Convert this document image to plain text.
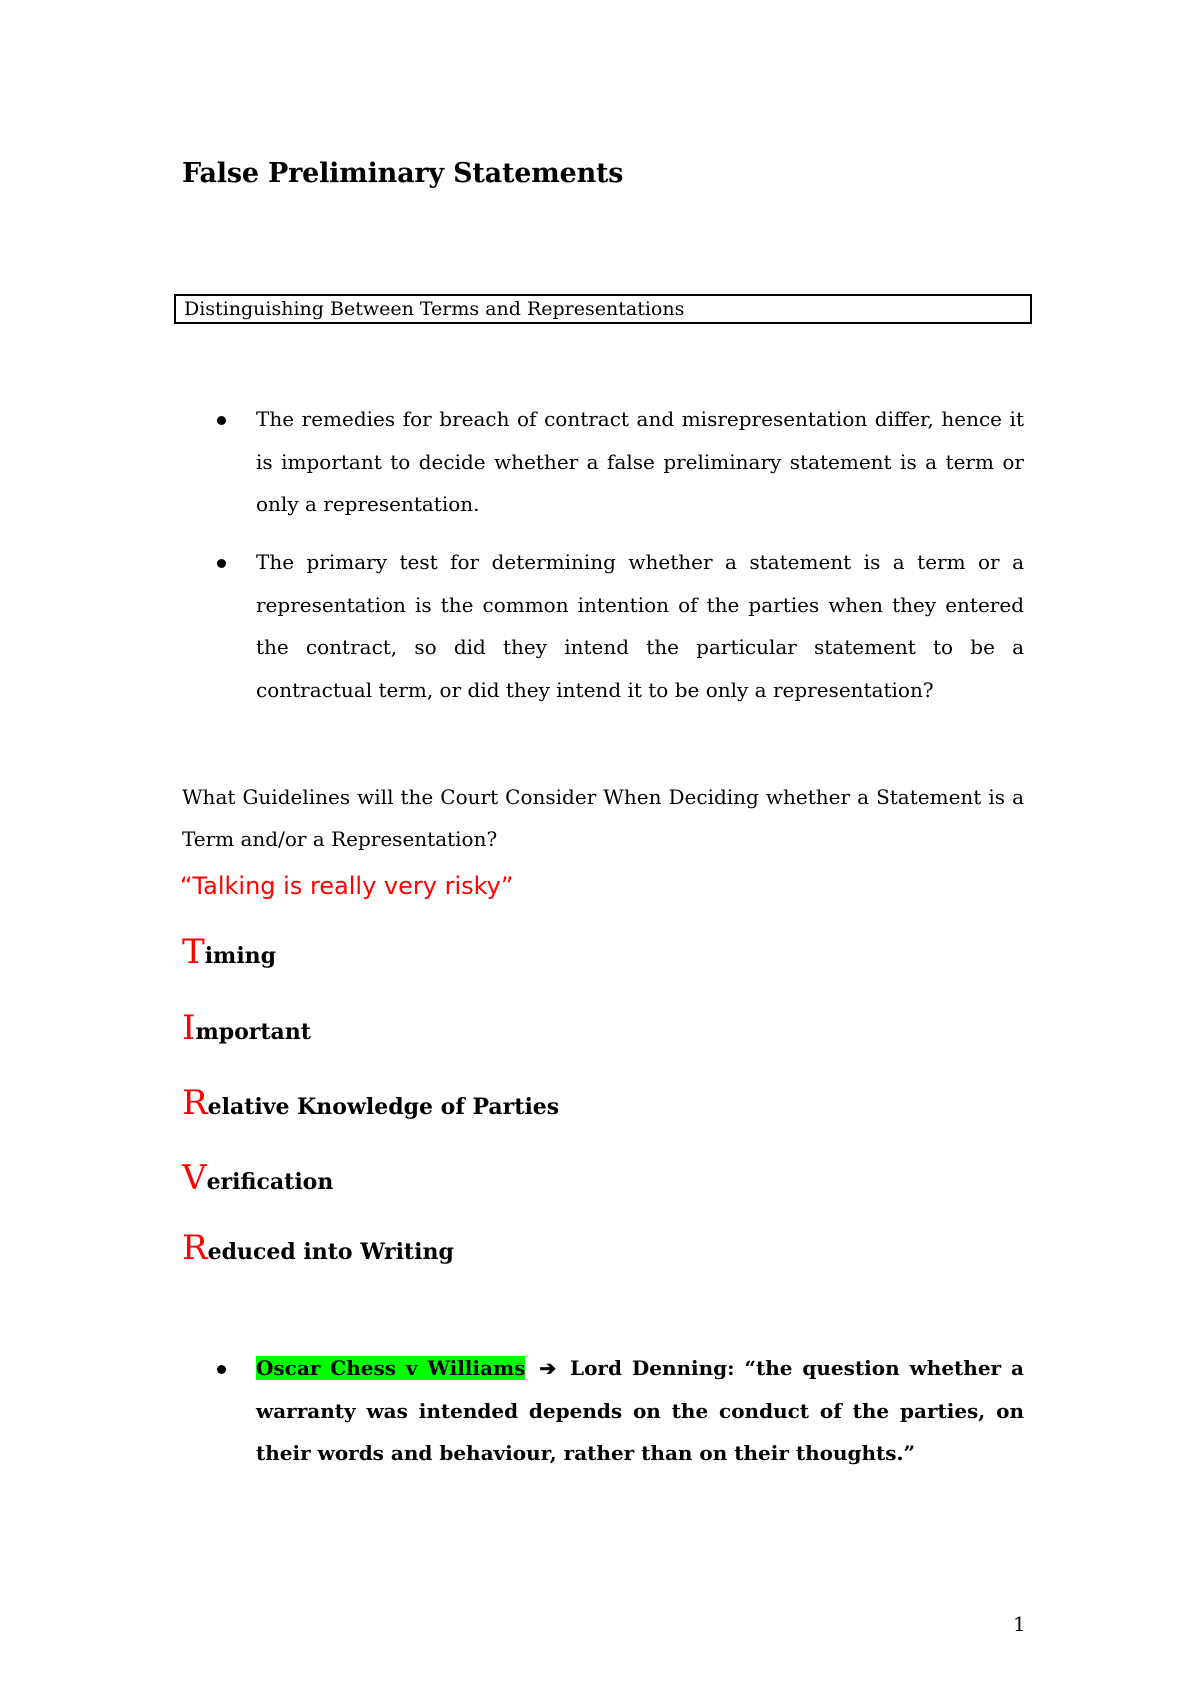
False Preliminary Statements
Distinguishing Between Terms and Representations
The remedies for breach of contract and misrepresentation differ, hence it is important to decide whether a false preliminary statement is a term or only a representation.
The primary test for determining whether a statement is a term or a representation is the common intention of the parties when they entered the contract, so did they intend the particular statement to be a contractual term, or did they intend it to be only a representation?

What Guidelines will the Court Consider When Deciding whether a Statement is a Term and/or a Representation?

“Talking is really very risky”

Timing
Important
Relative Knowledge of Parties
Verification
Reduced into Writing
Oscar Chess v Williams ➔ Lord Denning: “the question whether a warranty was intended depends on the conduct of the parties, on their words and behaviour, rather than on their thoughts.”
1
